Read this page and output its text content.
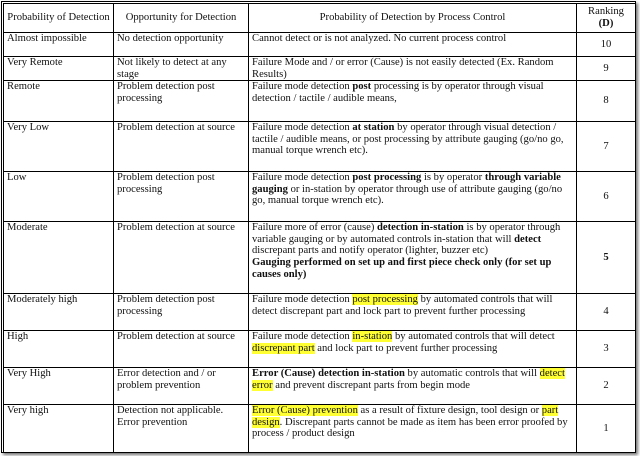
Probability of Detection	Opportunity for Detection	Probability of Detection by Process Control	Ranking
(D)
Almost impossible	No detection opportunity	Cannot detect or is not analyzed. No current process control	10
Very Remote	Not likely to detect at any stage	Failure Mode and / or error (Cause) is not easily detected (Ex. Random Results)	9
Remote	Problem detection post processing	Failure mode detection post processing is by operator through visual detection / tactile / audible means,	8
Very Low	Problem detection at source	Failure mode detection at station by operator through visual detection / tactile / audible means, or post processing by attribute gauging (go/no go, manual torque wrench etc).	7
Low	Problem detection post processing	Failure mode detection post processing is by operator through variable gauging or in-station by operator through use of attribute gauging (go/no go, manual torque wrench etc).	6
Moderate	Problem detection at source	Failure more of error (cause) detection in-station is by operator through variable gauging or by automated controls in-station that will detect discrepant parts and notify operator (lighter, buzzer etc)
Gauging performed on set up and first piece check only (for set up causes only)	5
Moderately high	Problem detection post processing	Failure mode detection post processing by automated controls that will detect discrepant part and lock part to prevent further processing	4
High	Problem detection at source	Failure mode detection in-station by automated controls that will detect discrepant part and lock part to prevent further processing	3
Very High	Error detection and / or problem prevention	Error (Cause) detection in-station by automatic controls that will detect error and prevent discrepant parts from begin mode	2
Very high	Detection not applicable. Error prevention	Error (Cause) prevention as a result of fixture design, tool design or part design. Discrepant parts cannot be made as item has been error proofed by process / product design	1
